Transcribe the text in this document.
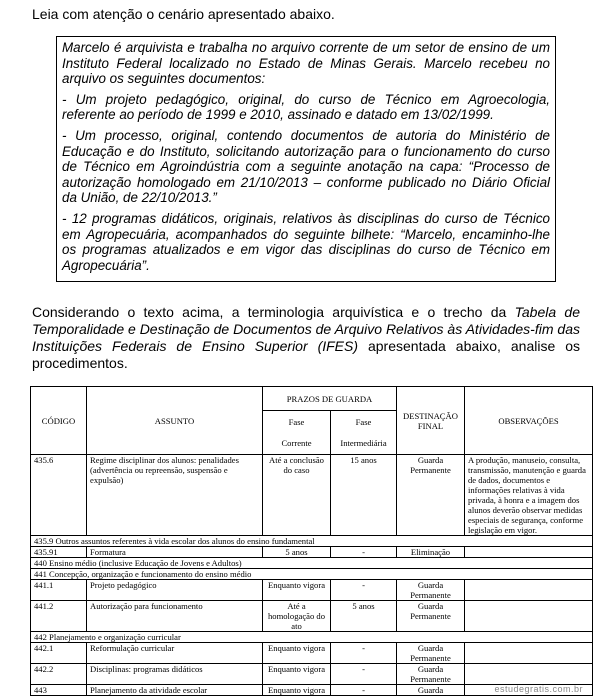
Leia com atenção o cenário apresentado abaixo.

Marcelo é arquivista e trabalha no arquivo corrente de um setor de ensino de um Instituto Federal localizado no Estado de Minas Gerais. Marcelo recebeu no arquivo os seguintes documentos:

- Um projeto pedagógico, original, do curso de Técnico em Agroecologia, referente ao período de 1999 e 2010, assinado e datado em 13/02/1999.

- Um processo, original, contendo documentos de autoria do Ministério de Educação e do Instituto, solicitando autorização para o funcionamento do curso de Técnico em Agroindústria com a seguinte anotação na capa: “Processo de autorização homologado em 21/10/2013 – conforme publicado no Diário Oficial da União, de 22/10/2013.”

- 12 programas didáticos, originais, relativos às disciplinas do curso de Técnico em Agropecuária, acompanhados do seguinte bilhete: “Marcelo, encaminho-lhe os programas atualizados e em vigor das disciplinas do curso de Técnico em Agropecuária”.

Considerando o texto acima, a terminologia arquivística e o trecho da Tabela de Temporalidade e Destinação de Documentos de Arquivo Relativos às Atividades-fim das Instituições Federais de Ensino Superior (IFES) apresentada abaixo, analise os procedimentos.
CÓDIGO	ASSUNTO	PRAZOS DE GUARDA		DESTINAÇÃO FINAL	OBSERVAÇÕES
		Fase	Fase		
		Corrente	Intermediária		
435.6	Regime disciplinar dos alunos: penalidades (advertência ou repreensão, suspensão e expulsão)	Até a conclusão do caso	15 anos	Guarda Permanente	A produção, manuseio, consulta, transmissão, manutenção e guarda de dados, documentos e informações relativas à vida privada, à honra e a imagem dos alunos deverão observar medidas especiais de segurança, conforme legislação em vigor.
435.9 Outros assuntos referentes à vida escolar dos alunos do ensino fundamental					
435.91	Formatura	5 anos	-	Eliminação	
440 Ensino médio (inclusive Educação de Jovens e Adultos)					
441 Concepção, organização e funcionamento do ensino médio					
441.1	Projeto pedagógico	Enquanto vigora	-	Guarda Permanente	
441.2	Autorização para funcionamento	Até a homologação do ato	5 anos	Guarda Permanente	
442 Planejamento e organização curricular					
442.1	Reformulação curricular	Enquanto vigora	-	Guarda Permanente	
442.2	Disciplinas: programas didáticos	Enquanto vigora	-	Guarda Permanente	
443	Planejamento da atividade escolar	Enquanto vigora	-	Guarda		estudegratis.com.br
